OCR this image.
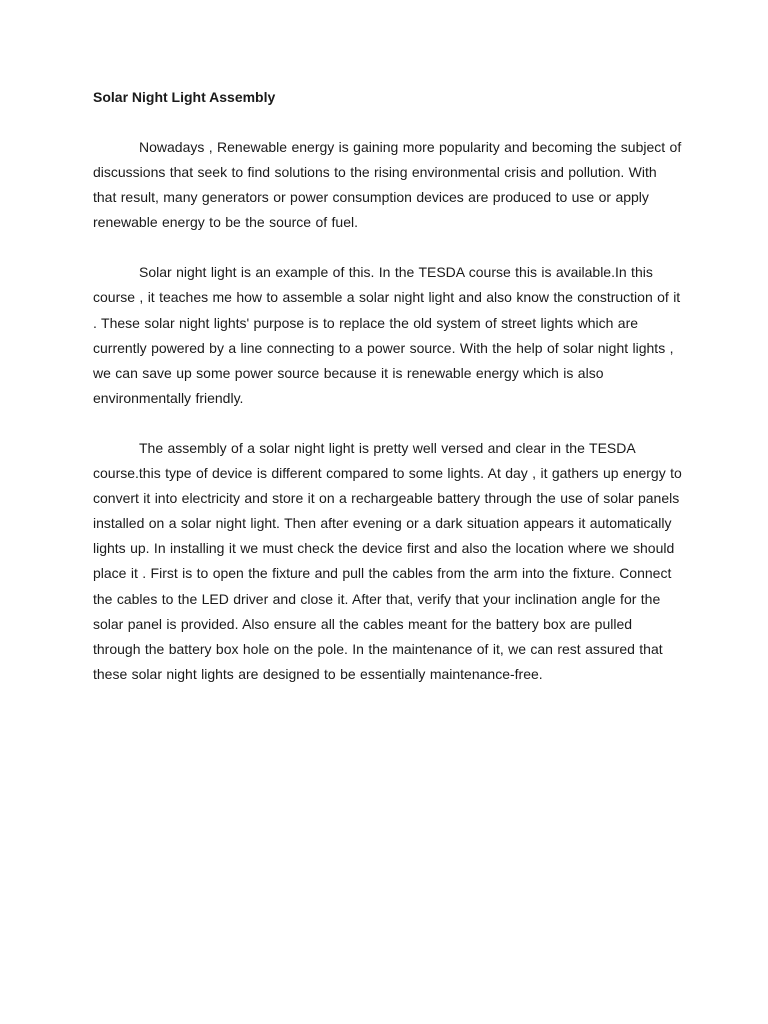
Solar Night Light Assembly

Nowadays , Renewable energy is gaining more popularity and becoming the subject of discussions that seek to find solutions to the rising environmental crisis and pollution. With that result, many generators or power consumption devices are produced to use or apply renewable energy to be the source of fuel.

Solar night light is an example of this. In the TESDA course this is available.In this course , it teaches me how to assemble a solar night light and also know the construction of it . These solar night lights' purpose is to replace the old system of street lights which are currently powered by a line connecting to a power source. With the help of solar night lights , we can save up some power source because it is renewable energy which is also environmentally friendly.

The assembly of a solar night light is pretty well versed and clear in the TESDA course.this type of device is different compared to some lights. At day , it gathers up energy to convert it into electricity and store it on a rechargeable battery through the use of solar panels installed on a solar night light. Then after evening or a dark situation appears it automatically lights up. In installing it we must check the device first and also the location where we should place it . First is to open the fixture and pull the cables from the arm into the fixture. Connect the cables to the LED driver and close it. After that, verify that your inclination angle for the solar panel is provided. Also ensure all the cables meant for the battery box are pulled through the battery box hole on the pole. In the maintenance of it, we can rest assured that these solar night lights are designed to be essentially maintenance-free.
